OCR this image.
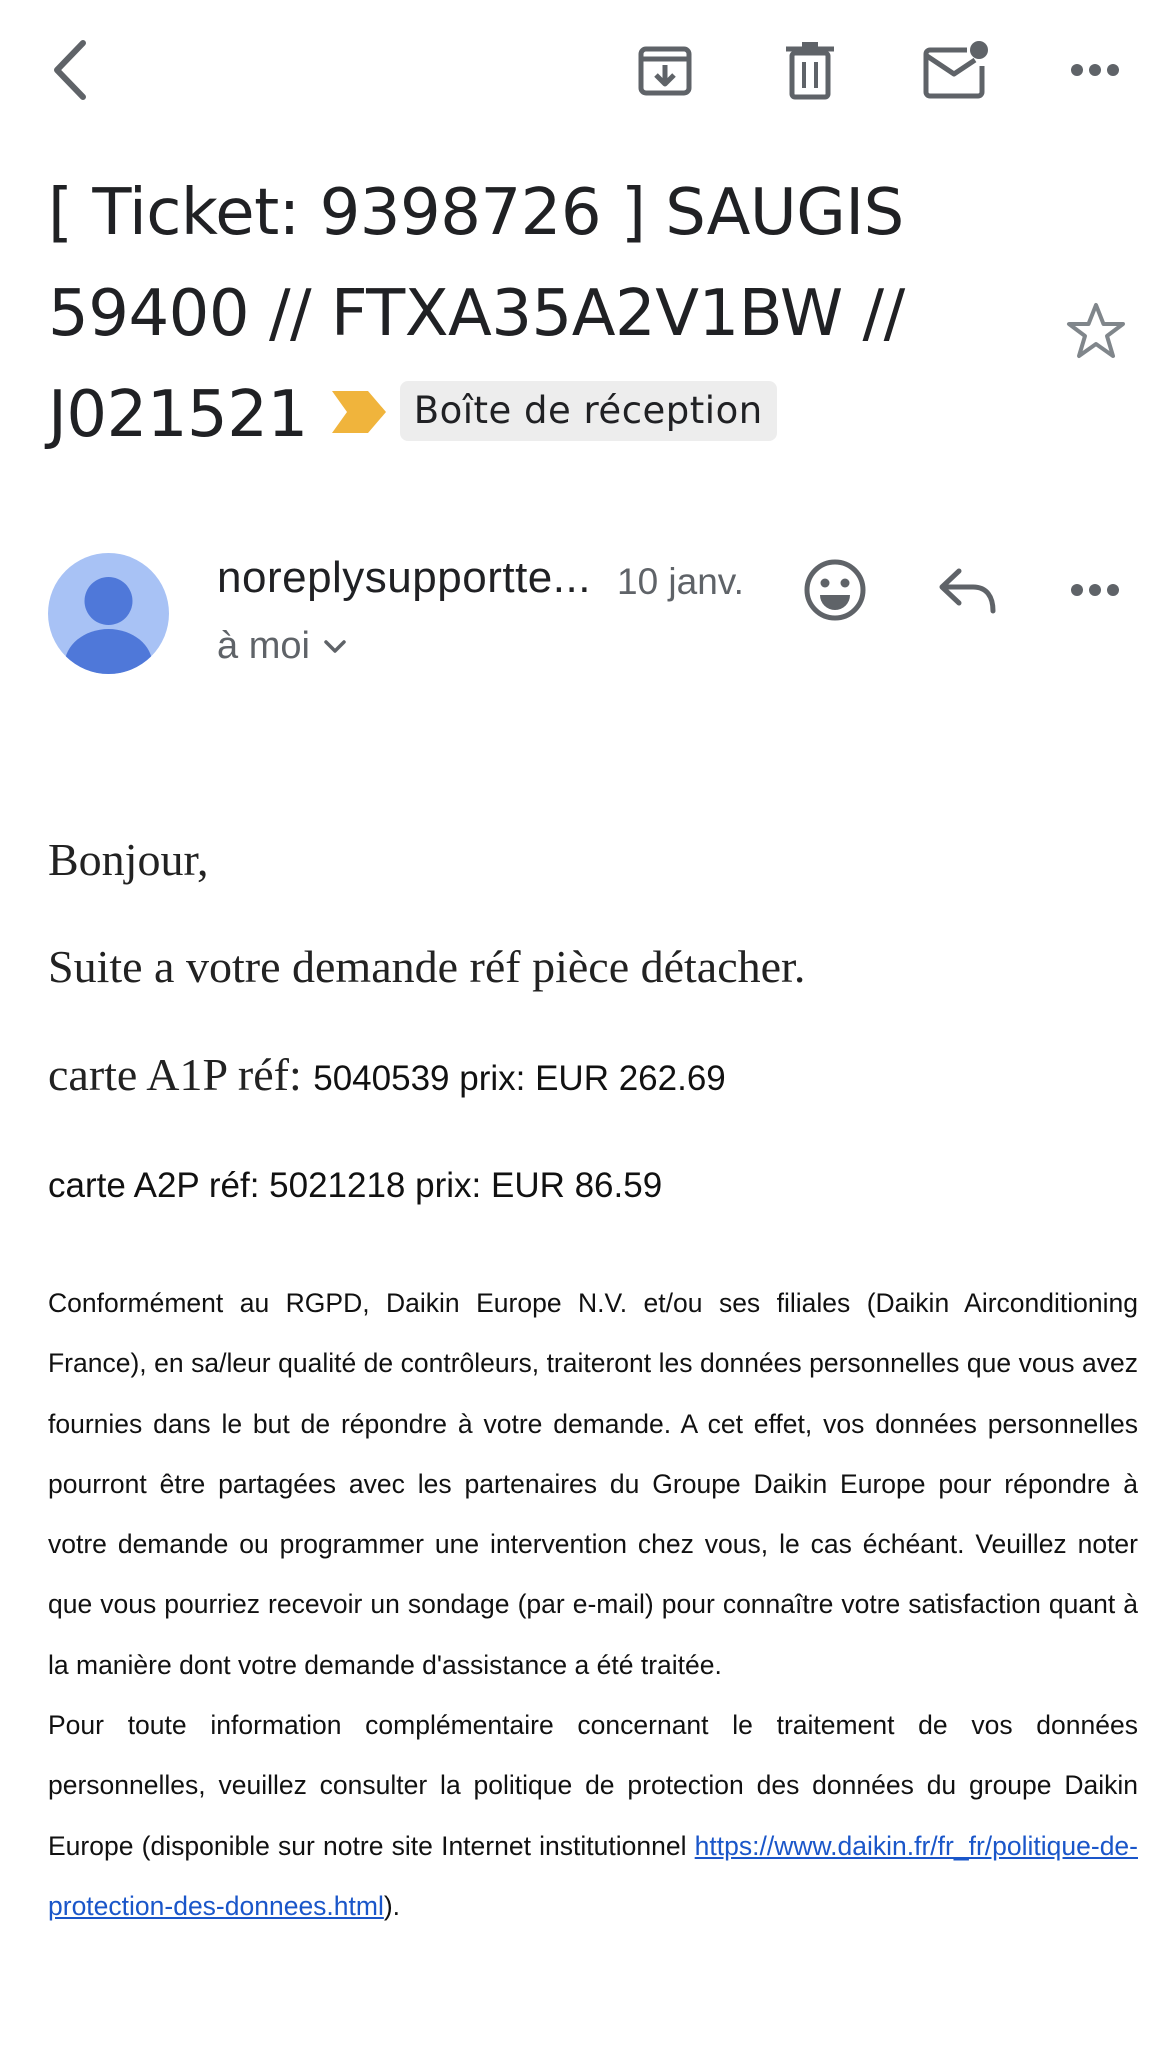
[ Ticket: 9398726 ] SAUGIS 59400 // FTXA35A2V1BW // J021521	Boîte de réception
noreplysupportte... 10 janv.
à moi
Bonjour,
Suite a votre demande réf pièce détacher.
carte A1P réf: 5040539 prix: EUR 262.69
carte A2P réf: 5021218 prix: EUR 86.59
Conformément au RGPD, Daikin Europe N.V. et/ou ses filiales (Daikin Airconditioning France), en sa/leur qualité de contrôleurs, traiteront les données personnelles que vous avez fournies dans le but de répondre à votre demande. A cet effet, vos données personnelles pourront être partagées avec les partenaires du Groupe Daikin Europe pour répondre à votre demande ou programmer une intervention chez vous, le cas échéant. Veuillez noter que vous pourriez recevoir un sondage (par e-mail) pour connaître votre satisfaction quant à la manière dont votre demande d'assistance a été traitée.
Pour toute information complémentaire concernant le traitement de vos données personnelles, veuillez consulter la politique de protection des données du groupe Daikin Europe (disponible sur notre site Internet institutionnel https://www.daikin.fr/fr_fr/politique-de-protection-des-donnees.html).
